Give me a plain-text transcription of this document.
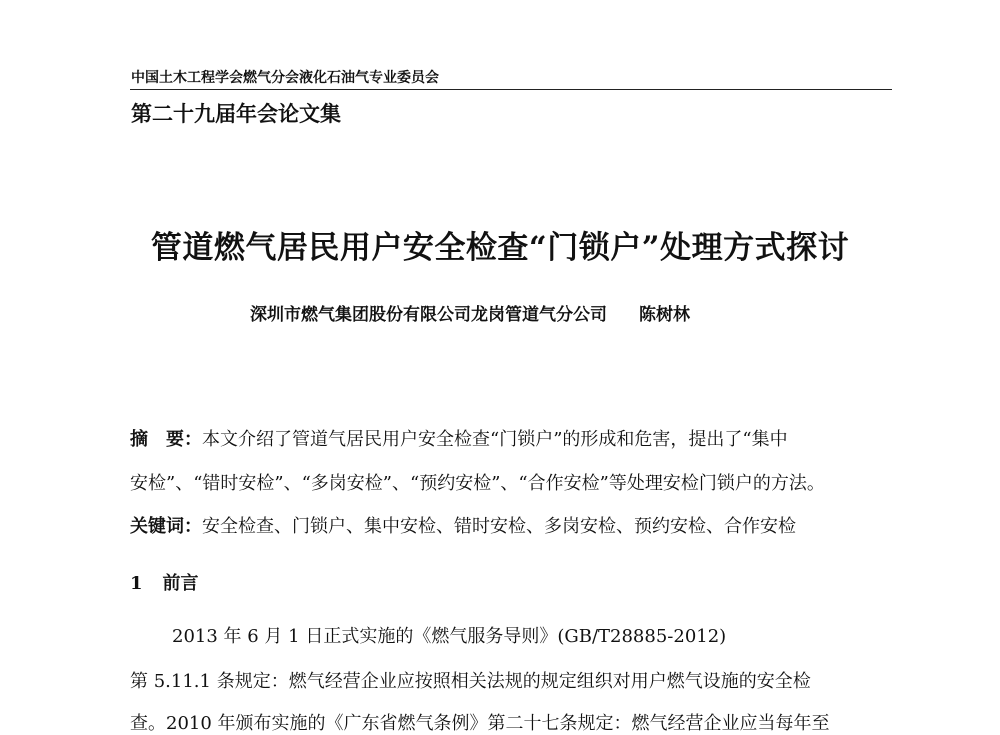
中国土木工程学会燃气分会液化石油气专业委员会
第二十九届年会论文集
管道燃气居民用户安全检查“门锁户”处理方式探讨
深圳市燃气集团股份有限公司龙岗管道气分公司 陈树林
摘　要：本文介绍了管道气居民用户安全检查“门锁户”的形成和危害，提出了“集中
安检”、“错时安检”、“多岗安检”、“预约安检”、“合作安检”等处理安检门锁户的方法。
关键词：安全检查、门锁户、集中安检、错时安检、多岗安检、预约安检、合作安检
1 前言
2013 年 6 月 1 日正式实施的《燃气服务导则》(GB/T28885-2012)
第 5.11.1 条规定：燃气经营企业应按照相关法规的规定组织对用户燃气设施的安全检
查。2010 年颁布实施的《广东省燃气条例》第二十七条规定：燃气经营企业应当每年至
